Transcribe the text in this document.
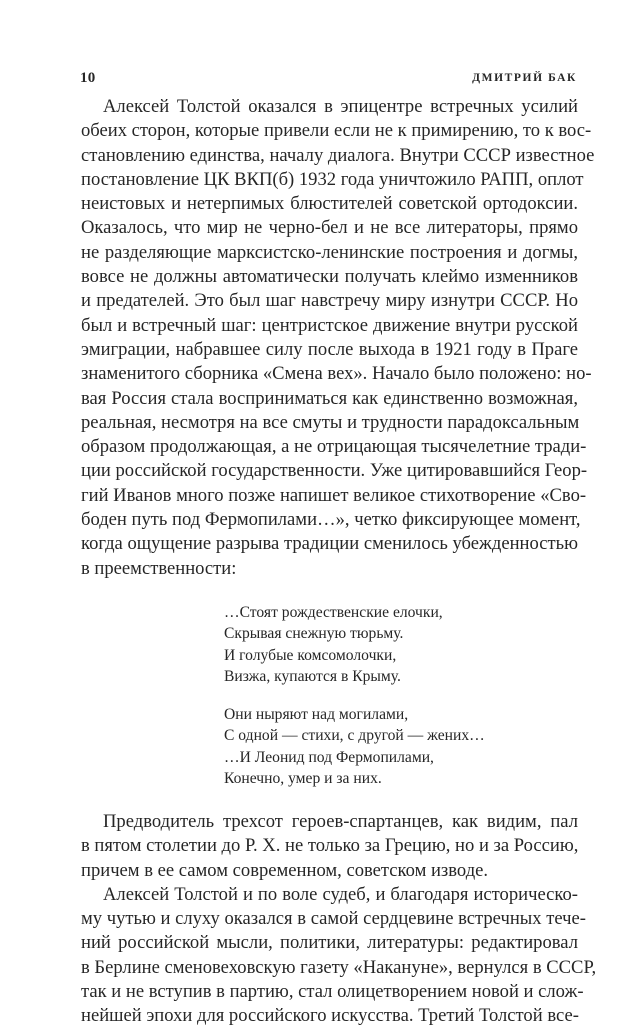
10	ДМИТРИЙ БАК
Алексей Толстой оказался в эпицентре встречных усилий
обеих сторон, которые привели если не к примирению, то к вос-
становлению единства, началу диалога. Внутри СССР известное
постановление ЦК ВКП(б) 1932 года уничтожило РАПП, оплот
неистовых и нетерпимых блюстителей советской ортодоксии.
Оказалось, что мир не черно-бел и не все литераторы, прямо
не разделяющие марксистско-ленинские построения и догмы,
вовсе не должны автоматически получать клеймо изменников
и предателей. Это был шаг навстречу миру изнутри СССР. Но
был и встречный шаг: центристское движение внутри русской
эмиграции, набравшее силу после выхода в 1921 году в Праге
знаменитого сборника «Смена вех». Начало было положено: но-
вая Россия стала восприниматься как единственно возможная,
реальная, несмотря на все смуты и трудности парадоксальным
образом продолжающая, а не отрицающая тысячелетние тради-
ции российской государственности. Уже цитировавшийся Геор-
гий Иванов много позже напишет великое стихотворение «Сво-
боден путь под Фермопилами…», четко фиксирующее момент,
когда ощущение разрыва традиции сменилось убежденностью
в преемственности:
…Стоят рождественские елочки,
Скрывая снежную тюрьму.
И голубые комсомолочки,
Визжа, купаются в Крыму.
Они ныряют над могилами,
С одной — стихи, с другой — жених…
…И Леонид под Фермопилами,
Конечно, умер и за них.
Предводитель трехсот героев-спартанцев, как видим, пал
в пятом столетии до Р. Х. не только за Грецию, но и за Россию,
причем в ее самом современном, советском изводе.
Алексей Толстой и по воле судеб, и благодаря историческо-
му чутью и слуху оказался в самой сердцевине встречных тече-
ний российской мысли, политики, литературы: редактировал
в Берлине сменовеховскую газету «Накануне», вернулся в СССР,
так и не вступив в партию, стал олицетворением новой и слож-
нейшей эпохи для российского искусства. Третий Толстой все-
